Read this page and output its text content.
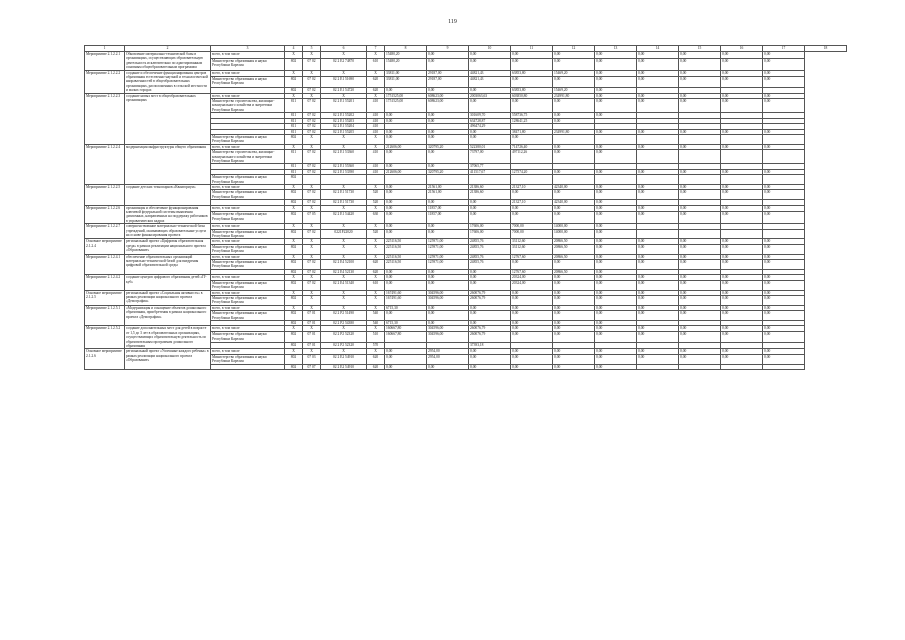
119
1	2	3	4	5	6	7	8	9	10	11	12	13	14	15	16	17	18
Мероприятие 2.1.2.2.1	Обновление материально-технической базы в организациях, осуществляющих образовательную деятельность исключительно по адаптированным основным общеобразовательным программам	всего, в том числе	X	X	X	X	15480,20	0,00	0,00	0,00	0,00	0,00	0,00	0,00	0,00	0,00	
		Министерство образования и науки Республики Карелия	802	07 02	02 2 Е2 74870	610	15480,20	0,00	0,00	0,00	0,00	0,00	0,00	0,00	0,00	0,00	
Мероприятие 2.1.2.2.2	создание и обеспечение функционирования центров образования естественно-научной и технологической направленностей в общеобразовательных организациях, расположенных в сельской местности и малых городах	всего, в том числе	X	X	X	X	33811,00	29187,00	44821,43	63853,80	15469,20	0,00	0,00	0,00	0,00	0,00	
		Министерство образования и науки Республики Карелия	802	07 02	02 2 Е1 51690	620	33811,00	29187,00	44821,43	0,00	0,00	0,00	0,00	0,00	0,00	0,00	
			802	07 02	02 2 Е1 54720	620	0,00	0,00	0,00	63853,80	15469,20	0,00					
Мероприятие 2.1.2.2.3	создание новых мест в общеобразовательных организациях	всего, в том числе	X	X	X	X	1751525,00	608623,00	2003063,63	603850,80	234991,80	0,00	0,00	0,00	0,00	0,00	
		Министерство строительства, жилищно-коммунального хозяйства и энергетики Республики Карелия	811	07 02	02 2 Е1 55201	410	1751525,00	608623,00	0,00	0,00	0,00	0,00	0,00	0,00	0,00	0,00	
			811	07 02	02 2 Е1 55202	410	0,00	0,00	301609,70	558736,75	0,00	0,00					
			811	07 02	02 2 Е1 55203	410	0,00	0,00	634728,87	128641,25	0,00						
			811	07 02	02 2 Е1 55204	410			496474,29								
			811	07 02	02 2 Е1 55205	410	0,00	0,00	0,00	38471,80	234991,80	0,00	0,00	0,00	0,00	0,00	
		Министерство образования и науки Республики Карелия	802	X	X	X	0,00	0,00	0,00	0,00							
Мероприятие 2.1.2.2.4	модернизация инфраструктуры общего образования	всего, в том числе	X	X	X	X	212606,00	320795,20	522380,01	714726,40	0,00	0,00	0,00	0,00	0,00	0,00	
		Министерство строительства, жилищно-коммунального хозяйства и энергетики Республики Карелия	811	07 02	02 2 Е1 53360	410	0,00	0,00	73797,00	497112,26	0,00	0,00					
			811	07 02	02 2 Е1 55360	410	0,00	0,00	37065,77								
			811	07 02	02 2 Е1 53390	410	212606,00	320795,20	411517,67	127574,20	0,00	0,00	0,00	0,00	0,00	0,00	
		Министерство образования и науки Республики Карелия	802														
Мероприятие 2.1.2.2.5	создание детских технопарков «Кванториум»	всего, в том числе	X	X	X	X	0,00	21561,00	21386,60	21327,10	42340,00	0,00	0,00	0,00	0,00	0,00	
		Министерство образования и науки Республики Карелия	802	07 02	02 2 Е1 51730	520	0,00	21561,00	21386,60	0,00	0,00	0,00	0,00	0,00	0,00	0,00	
			802	07 02	02 2 Е1 51730	520	0,00	0,00	0,00	21327,10	42340,00	0,00					
Мероприятие 2.1.2.2.6	организация и обеспечение функционирования ключевой федеральной системы выявления дипломных, направленных на поддержку работников в управленческих кадрах	всего, в том числе	X	X	X	X	0,00	11857,00	0,00	0,00	0,00	0,00	0,00	0,00	0,00	0,00	
		Министерство образования и науки Республики Карелия	802	07 05	02 2 Е1 54420	630	0,00	11857,00	0,00	0,00	0,00	0,00	0,00	0,00	0,00	0,00	
Мероприятие 2.1.2.2.7	совершенствование материально-технической базы учреждений, оказывающих образовательные услуги на основе финансирования проекта	всего, в том числе	X	X	X	X	0,00	0,00	17606,00	7000,00	14000,00	0,00					
		Министерство образования и науки Республики Карелия	802	07 02	0221F22020	520	0,00	0,00	17606,00	7000,00	14000,00	0,00					
Основное мероприятие 2.1.2.4	региональный проект «Цифровая образовательная среда» в рамках реализации национального проекта «Образование»	всего, в том числе	X	X	X	X	225116,50	125971,00	24855,76	33112,60	20866,50	0,00	0,00	0,00	0,00	0,00	
		Министерство образования и науки Республики Карелия	802	X	X	X	225116,50	125971,00	24855,76	33112,60	20866,50	0,00	0,00	0,00	0,00	0,00	
Мероприятие 2.1.2.4.1	обеспечение образовательных организаций материально-технической базой для внедрения цифровой образовательной среды	всего, в том числе	X	X	X	X	225116,50	125971,00	24855,76	12767,60	20866,50	0,00	0,00	0,00	0,00	0,00	
		Министерство образования и науки Республики Карелия	802	07 02	02 2 Е4 52100	620	225116,50	125971,00	24855,76	0,00	0,00	0,00	0,00	0,00	0,00	0,00	
			802	07 02	02 2 Е4 52130	620	0,00	0,00	0,00	12767,60	20866,50	0,00					
Мероприятие 2.1.2.4.2	создание центров цифрового образования детей «IT-куб»	всего, в том числе	X	X	X	X	0,00	0,00	0,00	20324,00	0,00	0,00	0,00	0,00	0,00	0,00	
		Министерство образования и науки Республики Карелия	802	07 02	02 2 Е4 51340	610	0,00	0,00	0,00	20324,00	0,00	0,00	0,00	0,00	0,00	0,00	
Основное мероприятие 2.1.2.5	региональный проект «Социальная активность» в рамках реализации национального проекта «Демография»	всего, в том числе	X	X	X	X	167491,60	304596,00	260076,79	0,00	0,00	0,00	0,00	0,00	0,00	0,00	
		Министерство образования и науки Республики Карелия	802	X	X	X	167491,60	304596,00	260076,79	0,00	0,00	0,00	0,00	0,00	0,00	0,00	
Мероприятие 2.1.2.5.1	«Модернизация и оснащение объектов дошкольного образования, приобретения в рамках национального проекта «Демография»	всего, в том числе	X	X	X	X	6715,30	0,00	0,00	0,00	0,00	0,00	0,00	0,00	0,00	0,00	
		Министерство образования и науки Республики Карелия	802	07 01	02 2 Р2 51490	540	0,00	0,00	0,00	0,00	0,00	0,00	0,00	0,00	0,00	0,00	
			802	07 01	02 2 Р2 54380	540	6715,30	0,00	0,00	0,00	0,00	0,00					
Мероприятие 2.1.2.5.2	создание дополнительных мест для детей в возрасте от 1,5 до 3 лет в образовательных организациях, осуществляющих образовательную деятельность по образовательным программам дошкольного образования	всего, в том числе	X	X	X	X	160667,80	304596,00	260076,79	0,00	0,00	0,00	0,00	0,00	0,00	0,00	
		Министерство образования и науки Республики Карелия	802	07 01	02 2 Р2 52320	510	160667,80	304596,00	260076,79	0,00	0,00	0,00	0,00	0,00	0,00	0,00	
			802	07 01	02 2 Р2 52320	570			37393,18								
Основное мероприятие 2.1.2.6	региональный проект «Успешные каждого ребенка» в рамках реализации национального проекта «Образование»	всего, в том числе	X	X	X	X	0,00	2954,00	0,00	0,00	0,00	0,00	0,00	0,00	0,00	0,00	
		Министерство образования и науки Республики Карелия	802	07 03	02 2 Е2 54910	620	0,00	2954,00	0,00	0,00	0,00	0,00	0,00	0,00	0,00	0,00	
			802	07 07	02 2 Е2 54910	620	0,00	0,00	0,00	0,00	0,00	0,00					
